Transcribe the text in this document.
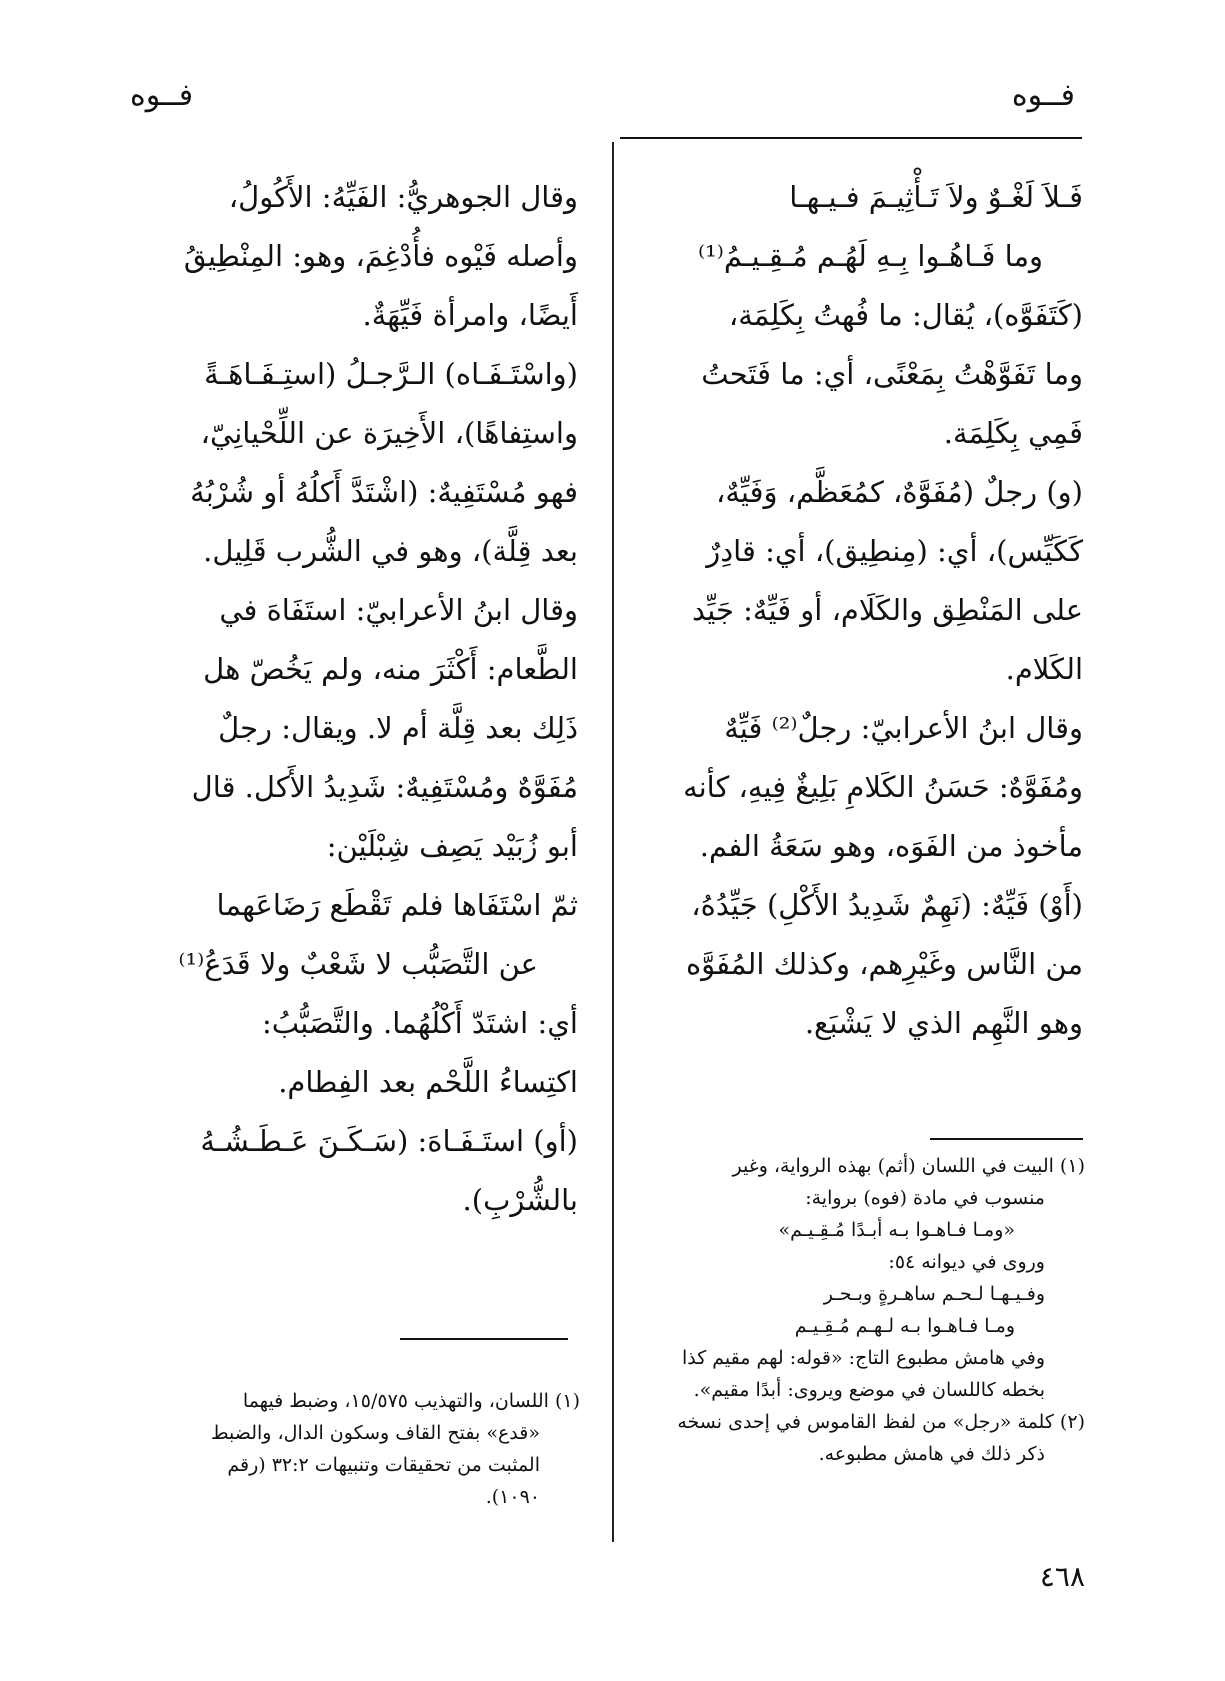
فــوه	فــوه
فَـلاَ لَغْـوٌ ولاَ تَـأْثِيـمَ فـيـهـا
وما فَـاهُـوا بِـهِ لَهُـم مُـقِـيـمُ⁽¹⁾
(كَتَفَوَّه)، يُقال: ما فُهتُ بِكَلِمَة،
وما تَفَوَّهْتُ بِمَعْنًى، أي: ما فَتَحتُ
فَمِي بِكَلِمَة.
(و) رجلٌ (مُفَوَّهٌ، كمُعَظَّم، وَفَيِّهٌ،
كَكَيِّس)، أي: (مِنطِيق)، أي: قادِرٌ
على المَنْطِق والكَلَام، أو فَيِّهٌ: جَيِّد
الكَلام.
وقال ابنُ الأعرابيّ: رجلٌ⁽²⁾ فَيِّهٌ
ومُفَوَّهٌ: حَسَنُ الكَلامِ بَلِيغٌ فِيهِ، كأنه
مأخوذ من الفَوَه، وهو سَعَةُ الفم.
(أَوْ) فَيِّهٌ: (نَهِمٌ شَدِيدُ الأَكْلِ) جَيِّدُهُ،
من النَّاس وغَيْرِهم، وكذلك المُفَوَّه
وهو النَّهِم الذي لا يَشْبَع.
وقال الجوهريُّ: الفَيِّهُ: الأَكُولُ،
وأصله فَيْوه فأُدْغِمَ، وهو: المِنْطِيقُ
أَيضًا، وامرأة فَيِّهَةٌ.
(واسْتَـفَـاه) الـرَّجـلُ (استِـفَـاهَـةً
واستِفاهًا)، الأَخِيرَة عن اللِّحْيانِيّ،
فهو مُسْتَفِيهٌ: (اشْتَدَّ أَكلُهُ أو شُرْبُهُ
بعد قِلَّة)، وهو في الشُّرب قَلِيل.
وقال ابنُ الأعرابيّ: استَفَاهَ في
الطَّعام: أَكْثَرَ منه، ولم يَخُصّ هل
ذَلِك بعد قِلَّة أم لا. ويقال: رجلٌ
مُفَوَّهٌ ومُسْتَفِيهٌ: شَدِيدُ الأَكل. قال
أبو زُبَيْد يَصِف شِبْلَيْن:
ثمّ اسْتَفَاها فلم تَقْطَع رَضَاعَهما
عن التَّصَبُّب لا شَعْبٌ ولا قَدَعُ⁽¹⁾
أي: اشتَدّ أَكْلُهُما. والتَّصَبُّبُ:
اكتِساءُ اللَّحْم بعد الفِطام.
(أو) استَـفَـاهَ: (سَـكَـنَ عَـطَـشُـهُ
بالشُّرْبِ).
(١) البيت في اللسان (أثم) بهذه الرواية، وغير
منسوب في مادة (فوه) برواية:
«ومـا فـاهـوا بـه أبـدًا مُـقِـيـم»
وروى في ديوانه ٥٤:
وفـيـهـا لـحـم ساهـرةٍ وبـحـر
ومـا فـاهـوا بـه لـهـم مُـقِـيـم
وفي هامش مطبوع التاج: «قوله: لهم مقيم كذا
بخطه كاللسان في موضع ويروى: أبدًا مقيم».
(٢) كلمة «رجل» من لفظ القاموس في إحدى نسخه
ذكر ذلك في هامش مطبوعه.
(١) اللسان، والتهذيب ١٥/٥٧٥، وضبط فيهما
«قدع» بفتح القاف وسكون الدال، والضبط
المثبت من تحقيقات وتنبيهات ٣٢:٢ (رقم
١٠٩٠).
٤٦٨
